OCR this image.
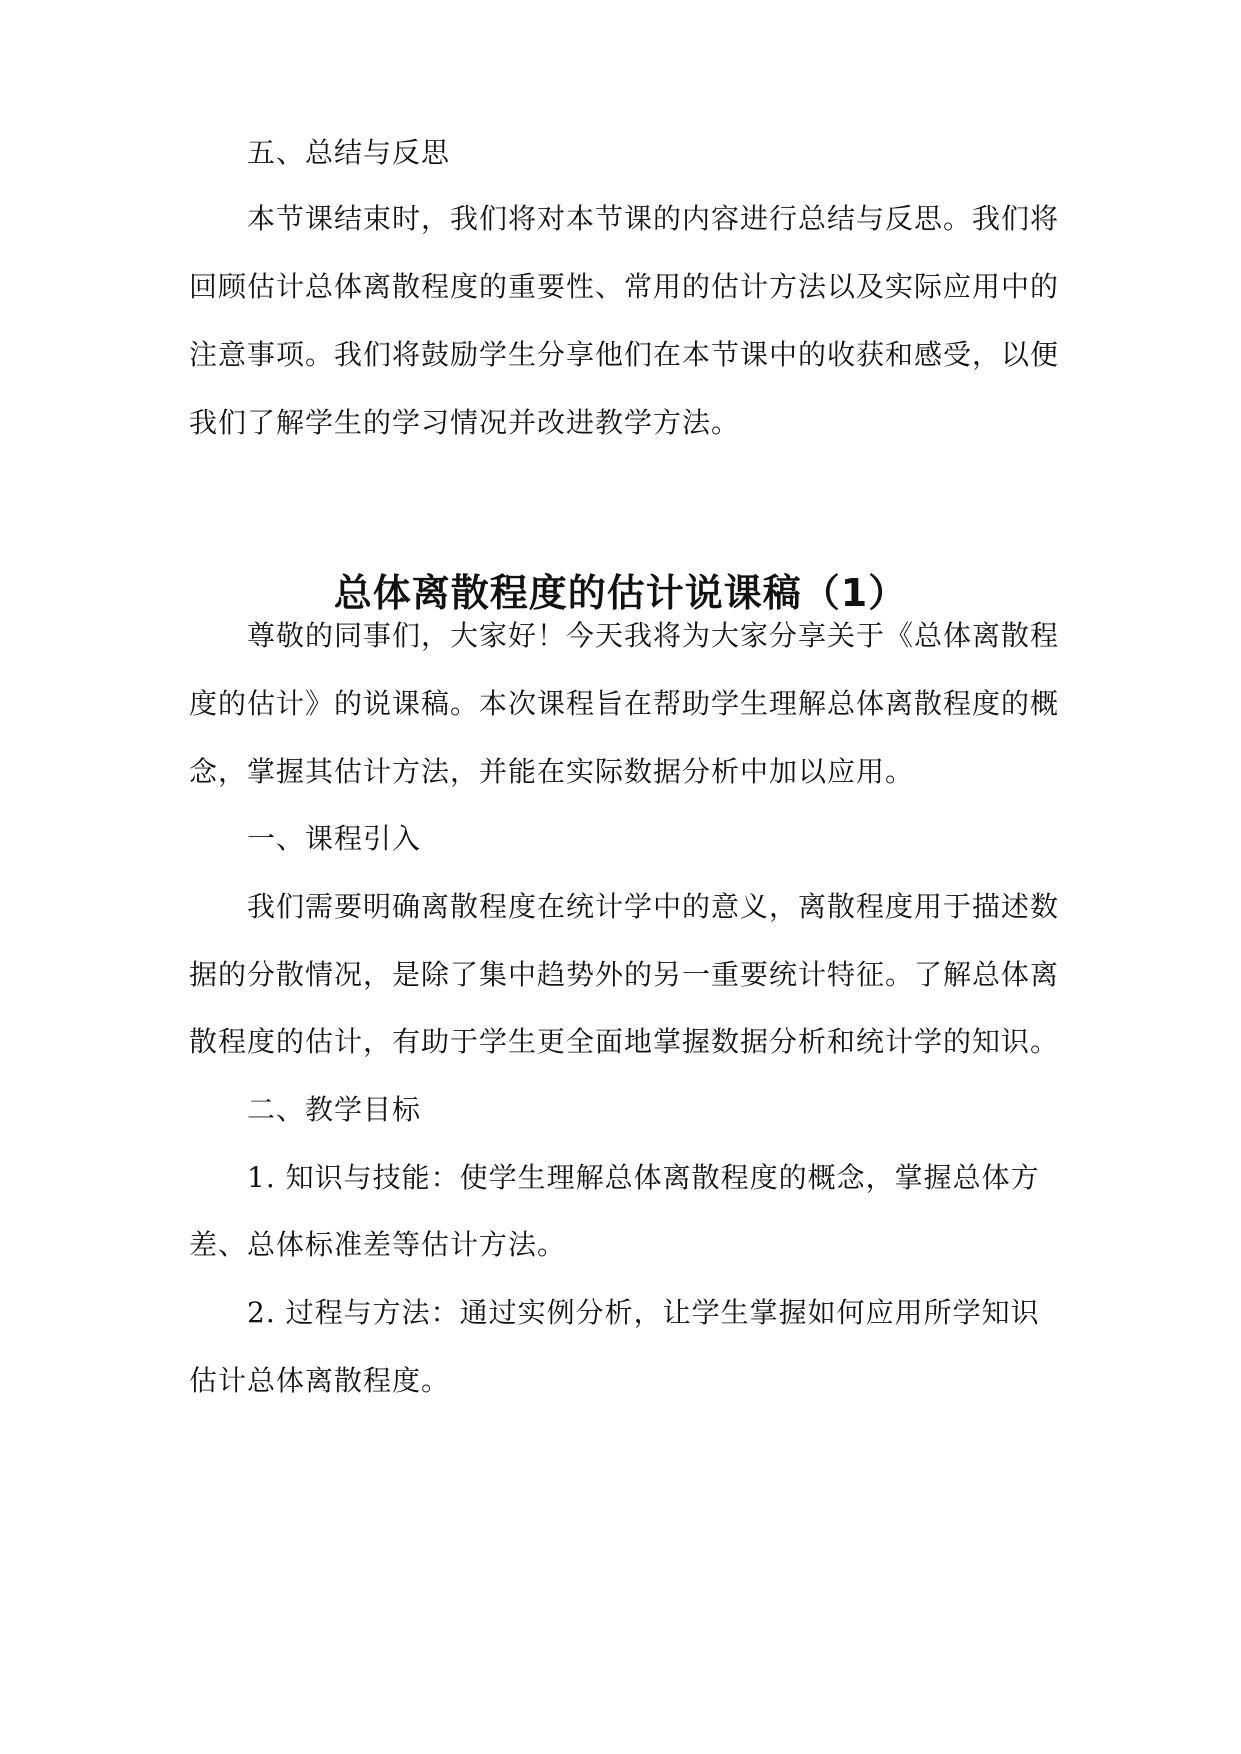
五、总结与反思
本节课结束时，我们将对本节课的内容进行总结与反思。我们将
回顾估计总体离散程度的重要性、常用的估计方法以及实际应用中的
注意事项。我们将鼓励学生分享他们在本节课中的收获和感受，以便
我们了解学生的学习情况并改进教学方法。
尊敬的同事们，大家好！今天我将为大家分享关于《总体离散程
度的估计》的说课稿。本次课程旨在帮助学生理解总体离散程度的概
念，掌握其估计方法，并能在实际数据分析中加以应用。
一、课程引入
我们需要明确离散程度在统计学中的意义，离散程度用于描述数
据的分散情况，是除了集中趋势外的另一重要统计特征。了解总体离
散程度的估计，有助于学生更全面地掌握数据分析和统计学的知识。
二、教学目标
1. 知识与技能：使学生理解总体离散程度的概念，掌握总体方
差、总体标准差等估计方法。
2. 过程与方法：通过实例分析，让学生掌握如何应用所学知识
估计总体离散程度。
总体离散程度的估计说课稿（1）
